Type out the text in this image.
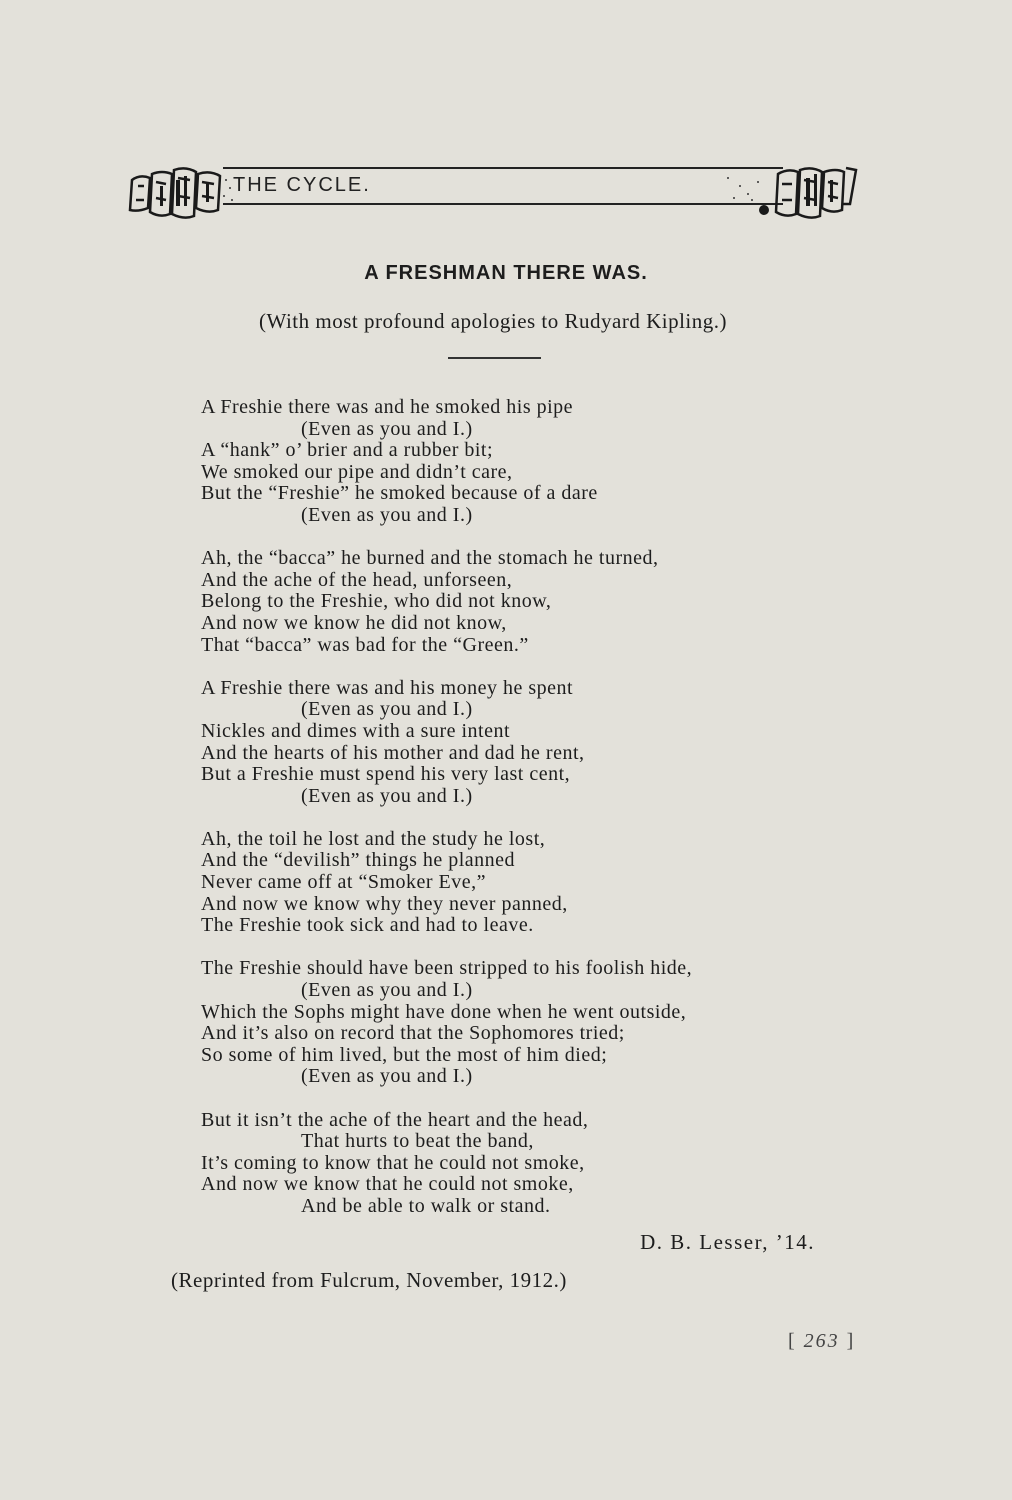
THE CYCLE.
A FRESHMAN THERE WAS.
(With most profound apologies to Rudyard Kipling.)
A Freshie there was and he smoked his pipe
(Even as you and I.)
A “hank” o’ brier and a rubber bit;
We smoked our pipe and didn’t care,
But the “Freshie” he smoked because of a dare
(Even as you and I.)
Ah, the “bacca” he burned and the stomach he turned,
And the ache of the head, unforseen,
Belong to the Freshie, who did not know,
And now we know he did not know,
That “bacca” was bad for the “Green.”
A Freshie there was and his money he spent
(Even as you and I.)
Nickles and dimes with a sure intent
And the hearts of his mother and dad he rent,
But a Freshie must spend his very last cent,
(Even as you and I.)
Ah, the toil he lost and the study he lost,
And the “devilish” things he planned
Never came off at “Smoker Eve,”
And now we know why they never panned,
The Freshie took sick and had to leave.
The Freshie should have been stripped to his foolish hide,
(Even as you and I.)
Which the Sophs might have done when he went outside,
And it’s also on record that the Sophomores tried;
So some of him lived, but the most of him died;
(Even as you and I.)
But it isn’t the ache of the heart and the head,
That hurts to beat the band,
It’s coming to know that he could not smoke,
And now we know that he could not smoke,
And be able to walk or stand.
D. B. Lesser, ’14.
(Reprinted from Fulcrum, November, 1912.)
[ 263 ]
